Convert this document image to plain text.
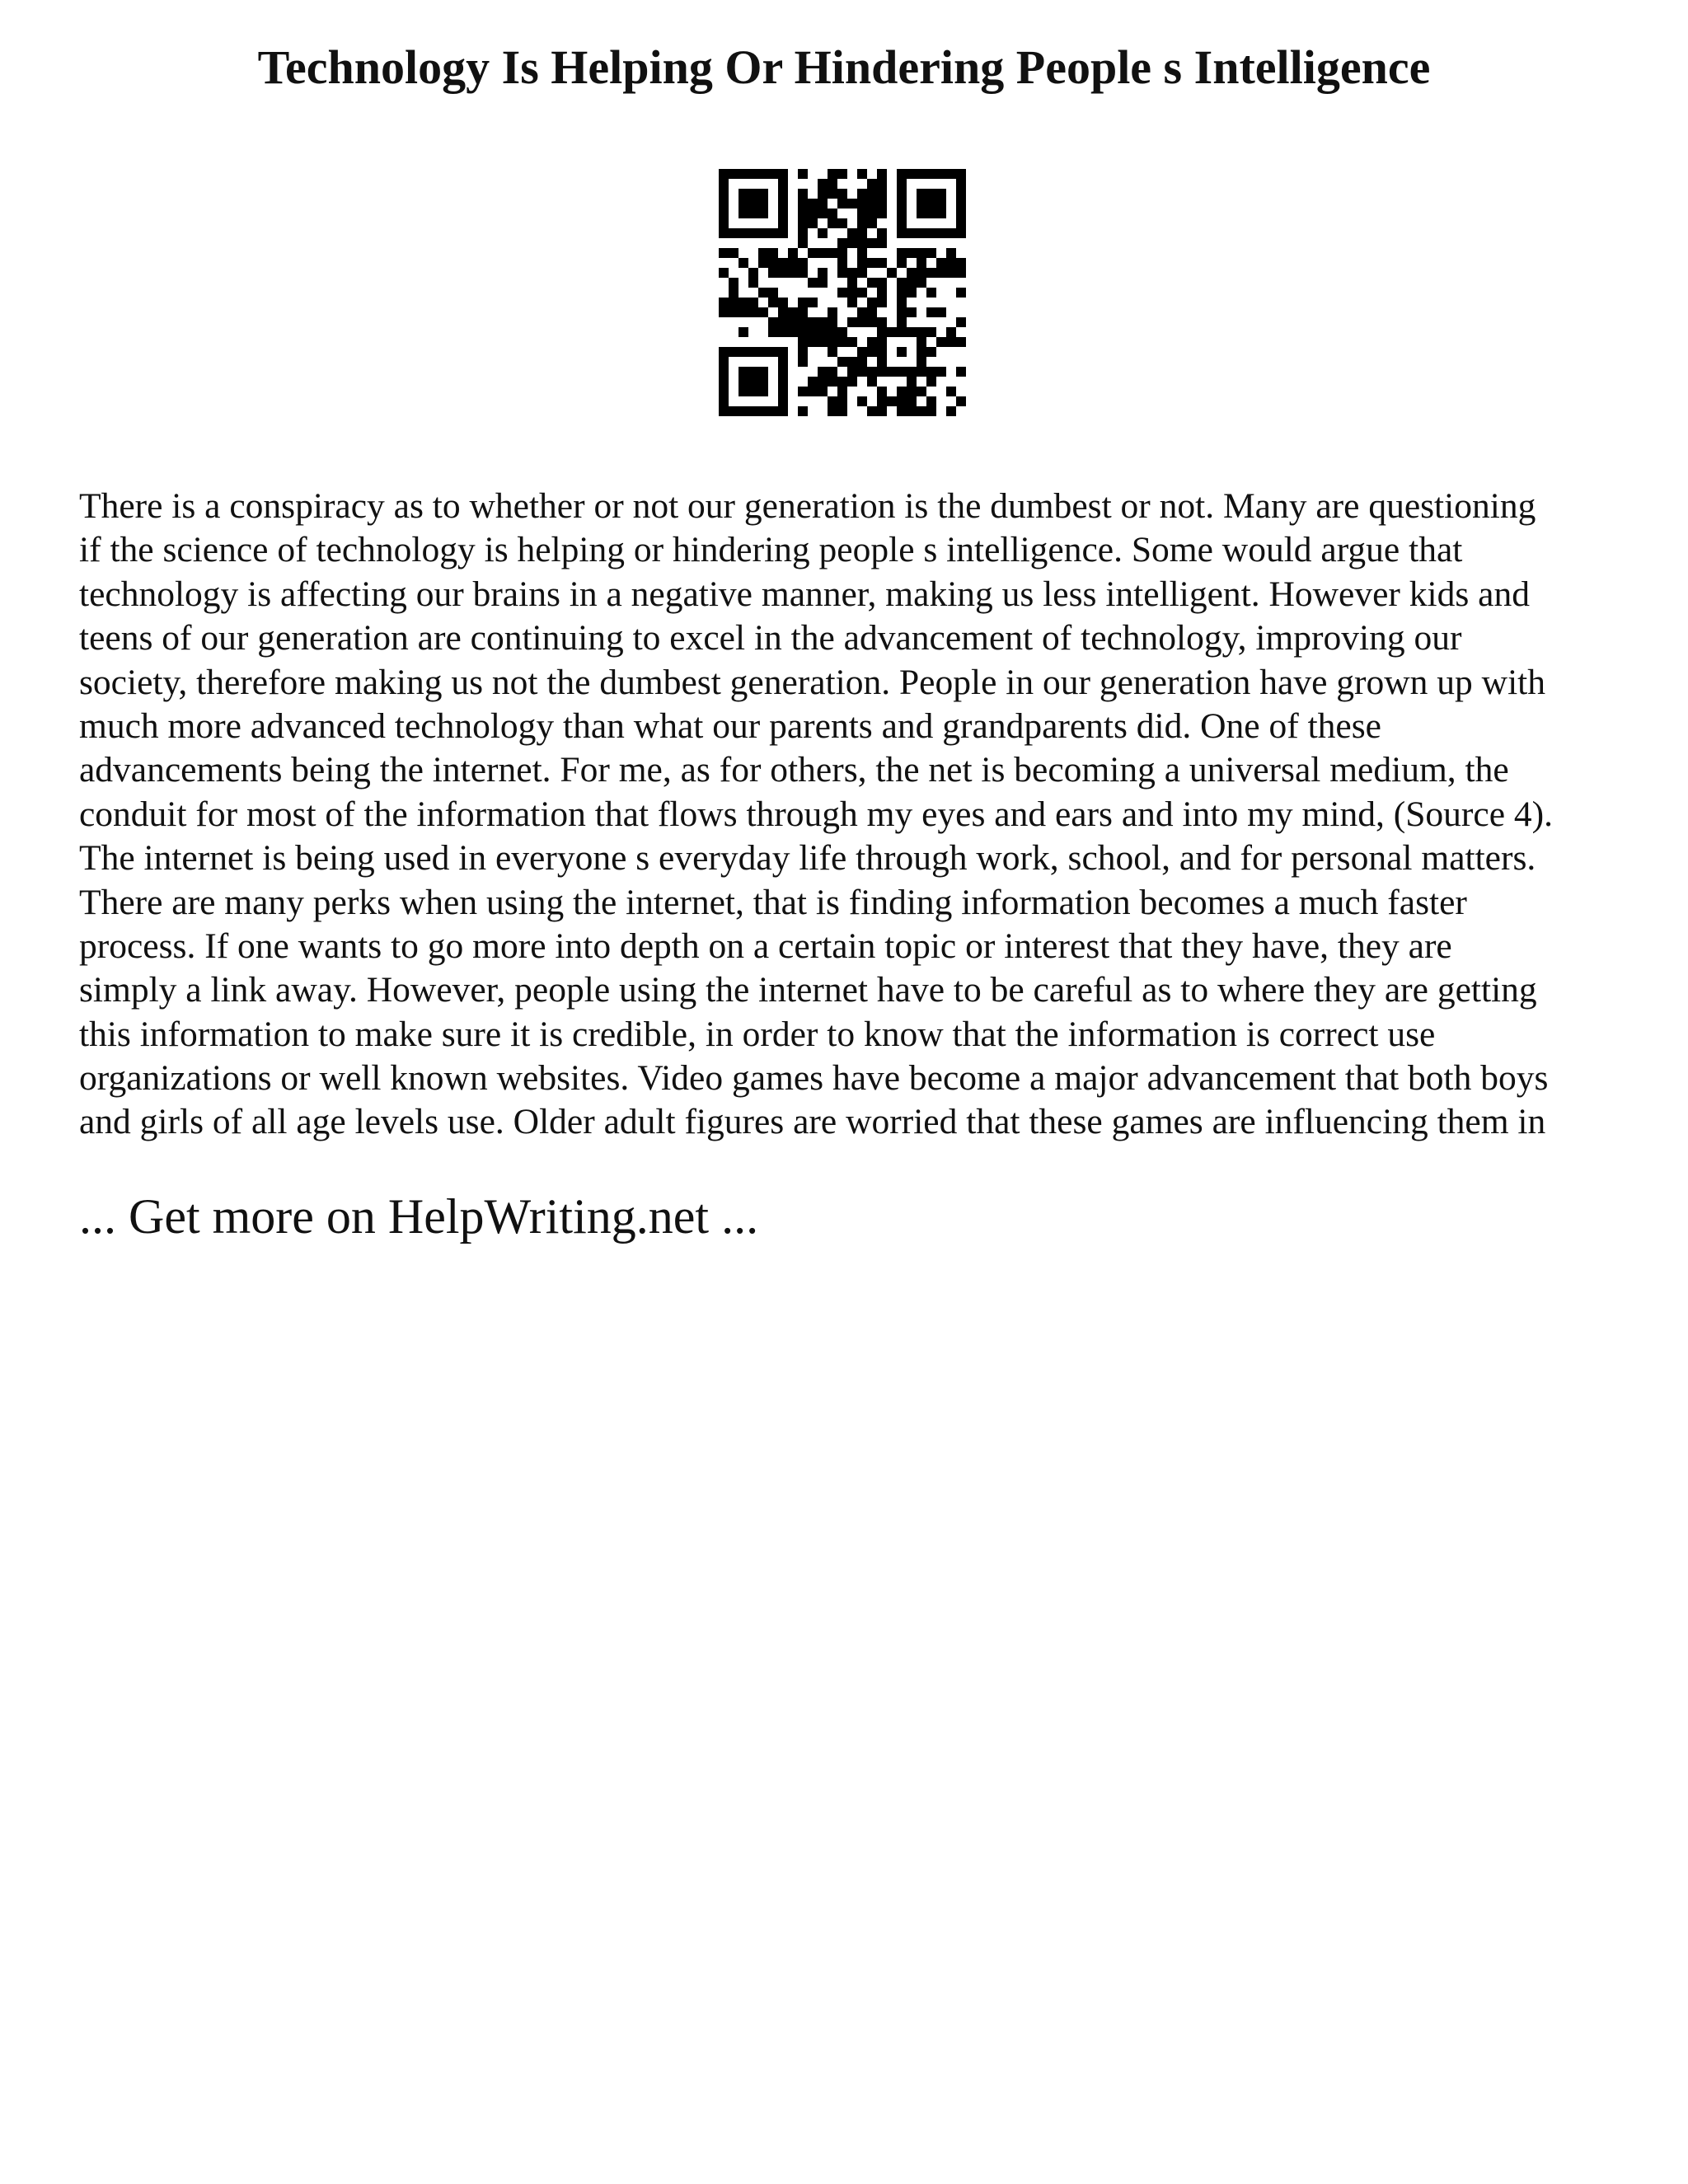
Technology Is Helping Or Hindering People s Intelligence
There is a conspiracy as to whether or not our generation is the dumbest or not. Many are questioning
if the science of technology is helping or hindering people s intelligence. Some would argue that
technology is affecting our brains in a negative manner, making us less intelligent. However kids and
teens of our generation are continuing to excel in the advancement of technology, improving our
society, therefore making us not the dumbest generation. People in our generation have grown up with
much more advanced technology than what our parents and grandparents did. One of these
advancements being the internet. For me, as for others, the net is becoming a universal medium, the
conduit for most of the information that flows through my eyes and ears and into my mind, (Source 4).
The internet is being used in everyone s everyday life through work, school, and for personal matters.
There are many perks when using the internet, that is finding information becomes a much faster
process. If one wants to go more into depth on a certain topic or interest that they have, they are
simply a link away. However, people using the internet have to be careful as to where they are getting
this information to make sure it is credible, in order to know that the information is correct use
organizations or well known websites. Video games have become a major advancement that both boys
and girls of all age levels use. Older adult figures are worried that these games are influencing them in
... Get more on HelpWriting.net ...
